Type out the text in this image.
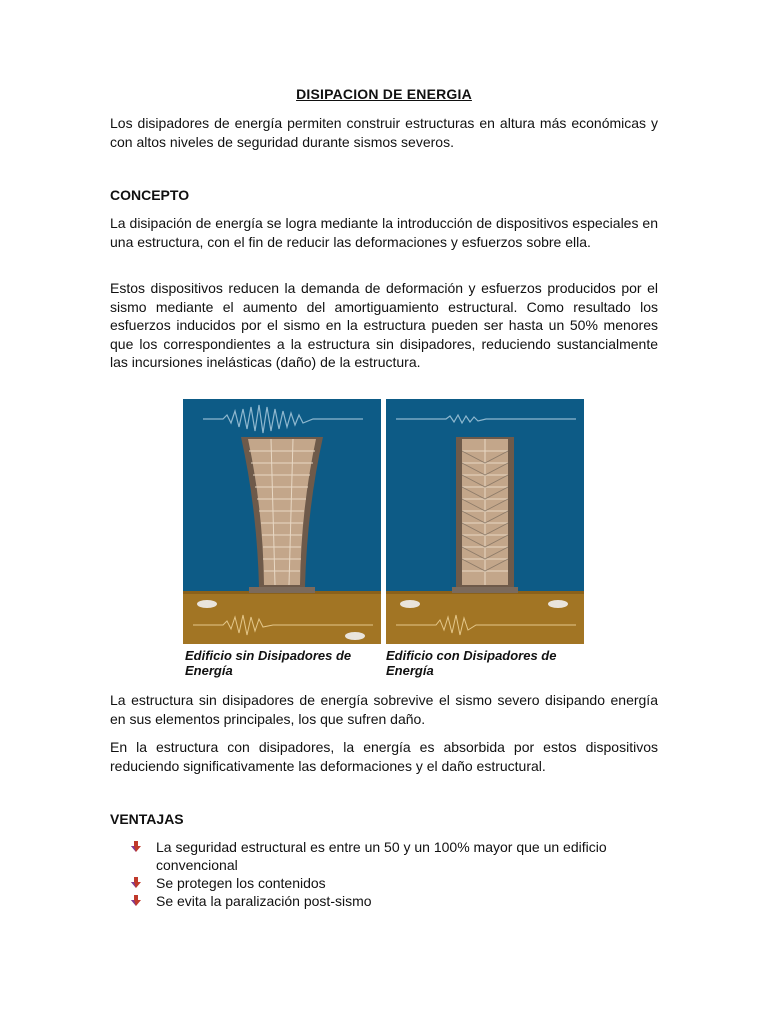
DISIPACION DE ENERGIA

Los disipadores de energía permiten construir estructuras en altura más económicas y con altos niveles de seguridad durante sismos severos.

CONCEPTO

La disipación de energía se logra mediante la introducción de dispositivos especiales en una estructura, con el fin de reducir las deformaciones y esfuerzos sobre ella.

Estos dispositivos reducen la demanda de deformación y esfuerzos producidos por el sismo mediante el aumento del amortiguamiento estructural. Como resultado los esfuerzos inducidos por el sismo en la estructura pueden ser hasta un 50% menores que los correspondientes a la estructura sin disipadores, reduciendo sustancialmente las incursiones inelásticas (daño) de la estructura.

Edificio sin Disipadores de Energía
Edificio con Disipadores de Energía

La estructura sin disipadores de energía sobrevive el sismo severo disipando energía en sus elementos principales, los que sufren daño.

En la estructura con disipadores, la energía es absorbida por estos dispositivos reduciendo significativamente las deformaciones y el daño estructural.

VENTAJAS
La seguridad estructural es entre un 50 y un 100% mayor que un edificio convencional
Se protegen los contenidos
Se evita la paralización post-sismo
